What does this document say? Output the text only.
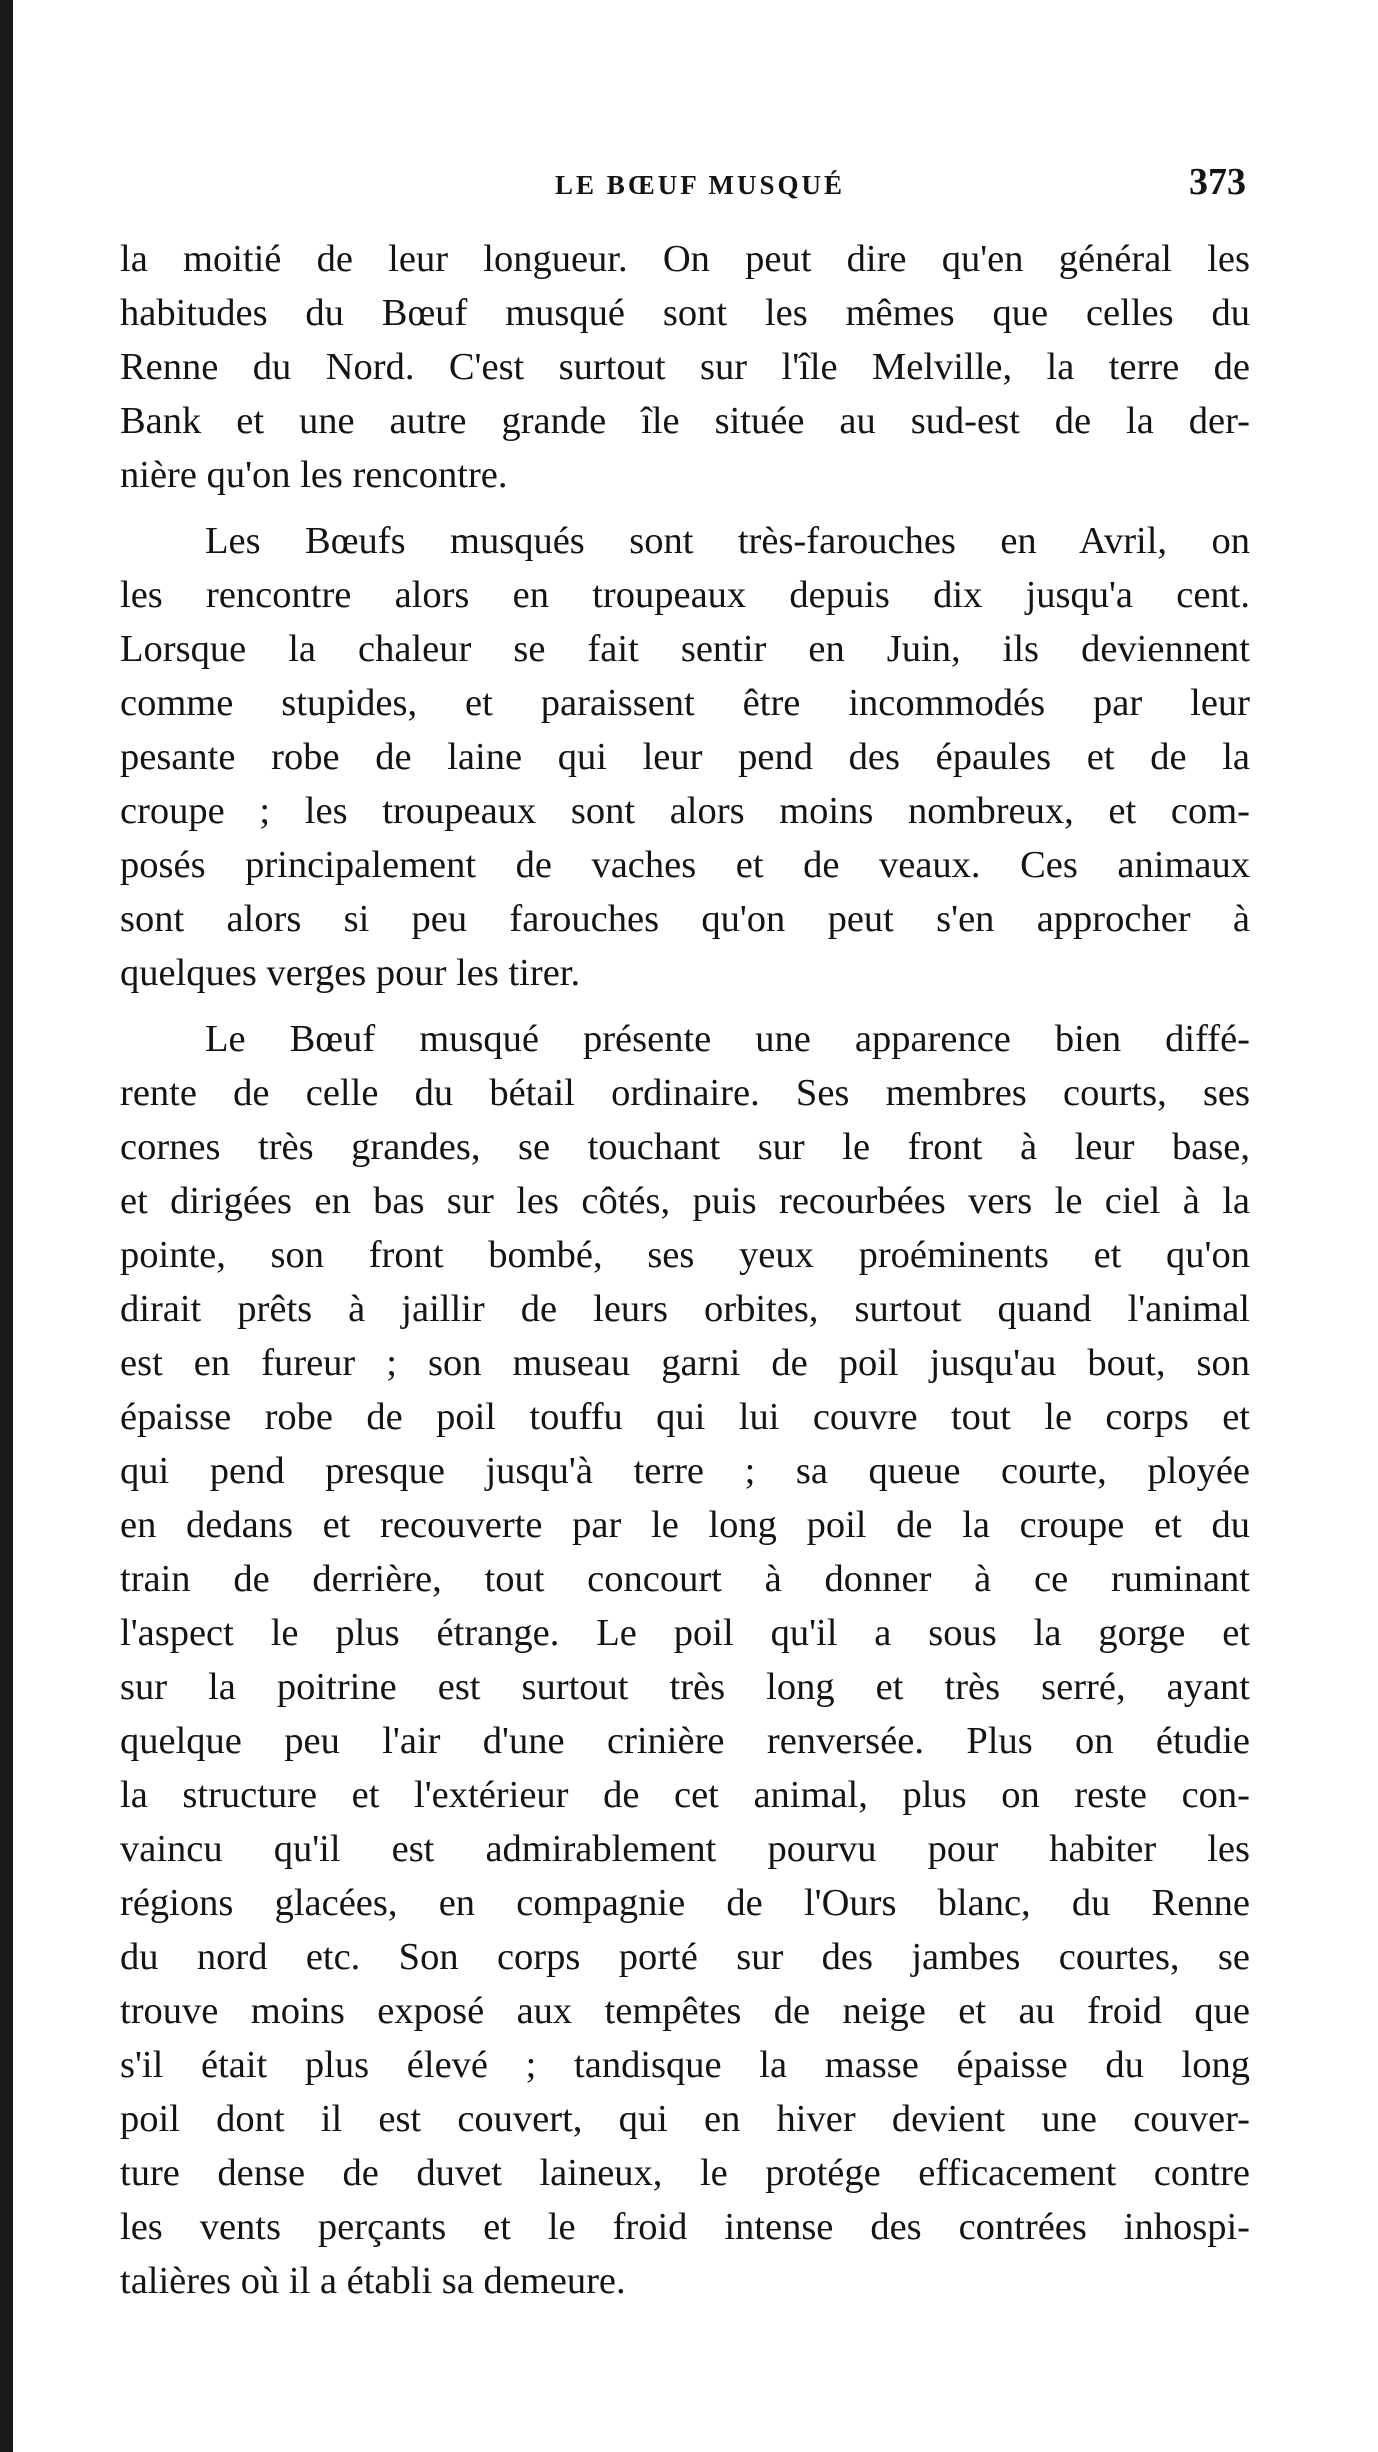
LE BŒUF MUSQUÉ	373
la moitié de leur longueur. On peut dire qu'en général les
habitudes du Bœuf musqué sont les mêmes que celles du
Renne du Nord. C'est surtout sur l'île Melville, la terre de
Bank et une autre grande île située au sud-est de la der-
nière qu'on les rencontre.
Les Bœufs musqués sont très-farouches en Avril, on
les rencontre alors en troupeaux depuis dix jusqu'a cent.
Lorsque la chaleur se fait sentir en Juin, ils deviennent
comme stupides, et paraissent être incommodés par leur
pesante robe de laine qui leur pend des épaules et de la
croupe ; les troupeaux sont alors moins nombreux, et com-
posés principalement de vaches et de veaux. Ces animaux
sont alors si peu farouches qu'on peut s'en approcher à
quelques verges pour les tirer.
Le Bœuf musqué présente une apparence bien diffé-
rente de celle du bétail ordinaire. Ses membres courts, ses
cornes très grandes, se touchant sur le front à leur base,
et dirigées en bas sur les côtés, puis recourbées vers le ciel à la
pointe, son front bombé, ses yeux proéminents et qu'on
dirait prêts à jaillir de leurs orbites, surtout quand l'animal
est en fureur ; son museau garni de poil jusqu'au bout, son
épaisse robe de poil touffu qui lui couvre tout le corps et
qui pend presque jusqu'à terre ; sa queue courte, ployée
en dedans et recouverte par le long poil de la croupe et du
train de derrière, tout concourt à donner à ce ruminant
l'aspect le plus étrange. Le poil qu'il a sous la gorge et
sur la poitrine est surtout très long et très serré, ayant
quelque peu l'air d'une crinière renversée. Plus on étudie
la structure et l'extérieur de cet animal, plus on reste con-
vaincu qu'il est admirablement pourvu pour habiter les
régions glacées, en compagnie de l'Ours blanc, du Renne
du nord etc. Son corps porté sur des jambes courtes, se
trouve moins exposé aux tempêtes de neige et au froid que
s'il était plus élevé ; tandisque la masse épaisse du long
poil dont il est couvert, qui en hiver devient une couver-
ture dense de duvet laineux, le protége efficacement contre
les vents perçants et le froid intense des contrées inhospi-
talières où il a établi sa demeure.
